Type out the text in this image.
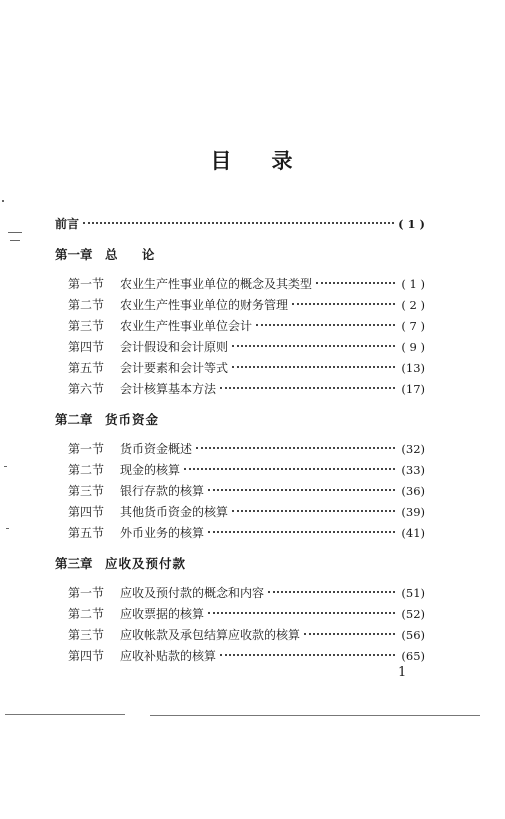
目 录
前言	( 1 )
第一章 总 论
第一节	农业生产性事业单位的概念及其类型	( 1 )
第二节	农业生产性事业单位的财务管理	( 2 )
第三节	农业生产性事业单位会计	( 7 )
第四节	会计假设和会计原则	( 9 )
第五节	会计要素和会计等式	(13)
第六节	会计核算基本方法	(17)
第二章 货币资金
第一节	货币资金概述	(32)
第二节	现金的核算	(33)
第三节	银行存款的核算	(36)
第四节	其他货币资金的核算	(39)
第五节	外币业务的核算	(41)
第三章 应收及预付款
第一节	应收及预付款的概念和内容	(51)
第二节	应收票据的核算	(52)
第三节	应收帐款及承包结算应收款的核算	(56)
第四节	应收补贴款的核算	(65)
1
